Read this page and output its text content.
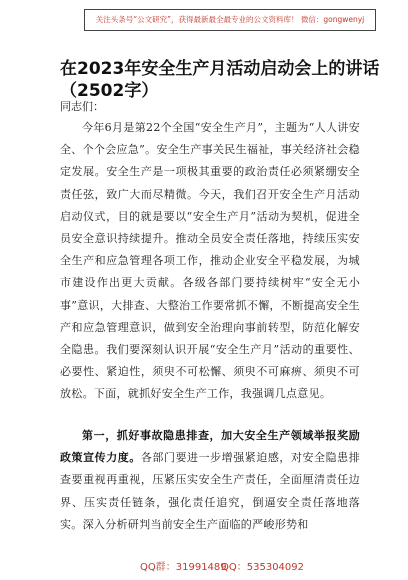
关注头条号“公文研究”，获得最新最全最专业的公文资料库！ 微信：gongwenyj
在2023年安全生产月活动启动会上的讲话（2502字）
同志们：

今年6月是第22个全国“安全生产月”，主题为“人人讲安全、个个会应急”。安全生产事关民生福祉，事关经济社会稳定发展。安全生产是一项极其重要的政治责任必须紧绷安全责任弦，致广大而尽精微。今天，我们召开安全生产月活动启动仪式，目的就是要以“安全生产月”活动为契机，促进全员安全意识持续提升。推动全员安全责任落地，持续压实安全生产和应急管理各项工作，推动企业安全平稳发展，为城市建设作出更大贡献。各级各部门要持续树牢“安全无小事”意识，大排查、大整治工作要常抓不懈，不断提高安全生产和应急管理意识，做到安全治理向事前转型，防范化解安全隐患。我们要深刻认识开展“安全生产月”活动的重要性、必要性、紧迫性，须臾不可松懈、须臾不可麻痹、须臾不可放松。下面，就抓好安全生产工作，我强调几点意见。

第一，抓好事故隐患排查，加大安全生产领域举报奖励政策宣传力度。各部门要进一步增强紧迫感，对安全隐患排查要重视再重视，压紧压实安全生产责任，全面厘清责任边界、压实责任链条，强化责任追究，倒逼安全责任落地落实。深入分析研判当前安全生产面临的严峻形势和
QQ群：31991489
QQ：535304092
